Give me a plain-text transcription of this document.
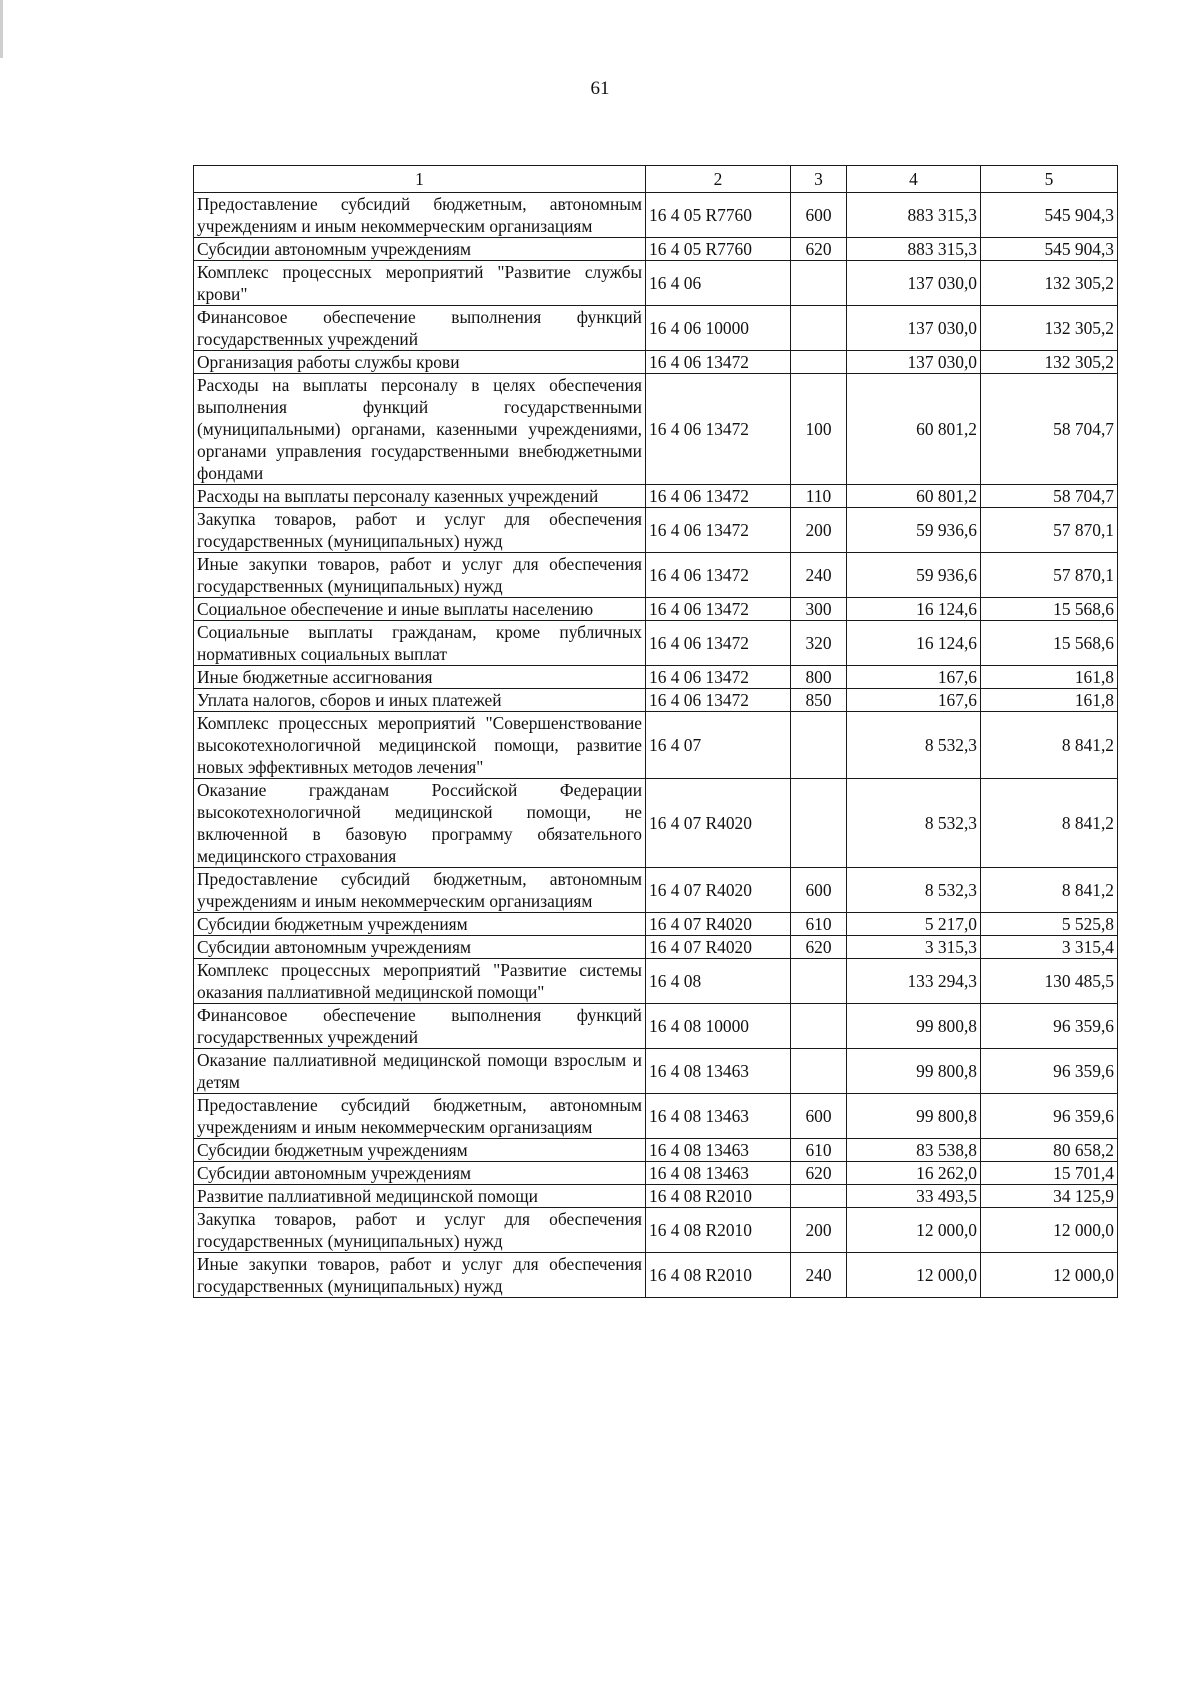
61
1	2	3	4	5
Предоставление субсидий бюджетным, автономным учреждениям и иным некоммерческим организациям	16 4 05 R7760	600	883 315,3	545 904,3
Субсидии автономным учреждениям	16 4 05 R7760	620	883 315,3	545 904,3
Комплекс процессных мероприятий "Развитие службы крови"	16 4 06		137 030,0	132 305,2
Финансовое обеспечение выполнения функций государственных учреждений	16 4 06 10000		137 030,0	132 305,2
Организация работы службы крови	16 4 06 13472		137 030,0	132 305,2
Расходы на выплаты персоналу в целях обеспечения выполнения функций государственными (муниципальными) органами, казенными учреждениями, органами управления государственными внебюджетными фондами	16 4 06 13472	100	60 801,2	58 704,7
Расходы на выплаты персоналу казенных учреждений	16 4 06 13472	110	60 801,2	58 704,7
Закупка товаров, работ и услуг для обеспечения государственных (муниципальных) нужд	16 4 06 13472	200	59 936,6	57 870,1
Иные закупки товаров, работ и услуг для обеспечения государственных (муниципальных) нужд	16 4 06 13472	240	59 936,6	57 870,1
Социальное обеспечение и иные выплаты населению	16 4 06 13472	300	16 124,6	15 568,6
Социальные выплаты гражданам, кроме публичных нормативных социальных выплат	16 4 06 13472	320	16 124,6	15 568,6
Иные бюджетные ассигнования	16 4 06 13472	800	167,6	161,8
Уплата налогов, сборов и иных платежей	16 4 06 13472	850	167,6	161,8
Комплекс процессных мероприятий "Совершенствование высокотехнологичной медицинской помощи, развитие новых эффективных методов лечения"	16 4 07		8 532,3	8 841,2
Оказание гражданам Российской Федерации высокотехнологичной медицинской помощи, не включенной в базовую программу обязательного медицинского страхования	16 4 07 R4020		8 532,3	8 841,2
Предоставление субсидий бюджетным, автономным учреждениям и иным некоммерческим организациям	16 4 07 R4020	600	8 532,3	8 841,2
Субсидии бюджетным учреждениям	16 4 07 R4020	610	5 217,0	5 525,8
Субсидии автономным учреждениям	16 4 07 R4020	620	3 315,3	3 315,4
Комплекс процессных мероприятий "Развитие системы оказания паллиативной медицинской помощи"	16 4 08		133 294,3	130 485,5
Финансовое обеспечение выполнения функций государственных учреждений	16 4 08 10000		99 800,8	96 359,6
Оказание паллиативной медицинской помощи взрослым и детям	16 4 08 13463		99 800,8	96 359,6
Предоставление субсидий бюджетным, автономным учреждениям и иным некоммерческим организациям	16 4 08 13463	600	99 800,8	96 359,6
Субсидии бюджетным учреждениям	16 4 08 13463	610	83 538,8	80 658,2
Субсидии автономным учреждениям	16 4 08 13463	620	16 262,0	15 701,4
Развитие паллиативной медицинской помощи	16 4 08 R2010		33 493,5	34 125,9
Закупка товаров, работ и услуг для обеспечения государственных (муниципальных) нужд	16 4 08 R2010	200	12 000,0	12 000,0
Иные закупки товаров, работ и услуг для обеспечения государственных (муниципальных) нужд	16 4 08 R2010	240	12 000,0	12 000,0
